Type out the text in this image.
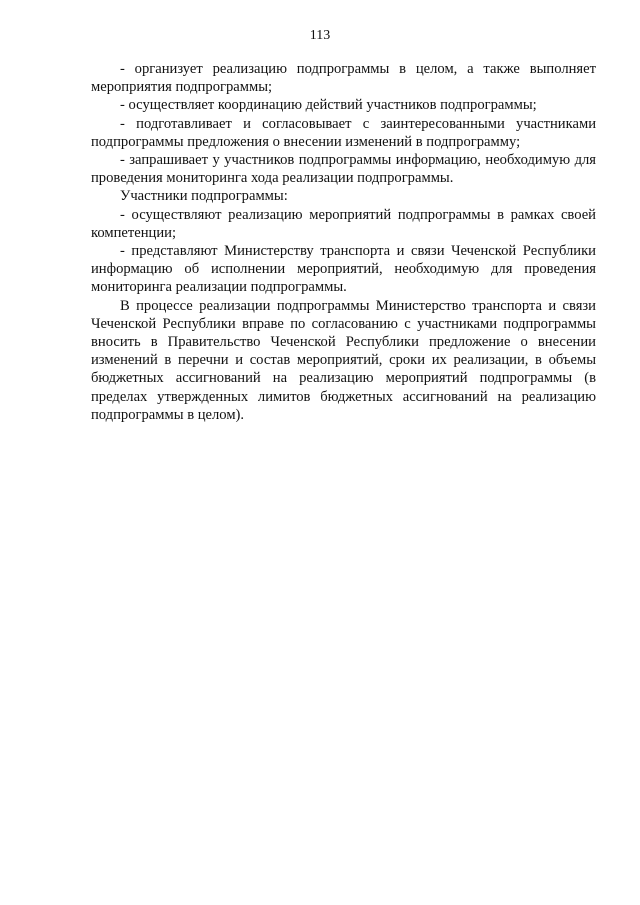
113

- организует реализацию подпрограммы в целом, а также выполняет мероприятия подпрограммы;

- осуществляет координацию действий участников подпрограммы;

- подготавливает и согласовывает с заинтересованными участниками подпрограммы предложения о внесении изменений в подпрограмму;

- запрашивает у участников подпрограммы информацию, необходимую для проведения мониторинга хода реализации подпрограммы.

Участники подпрограммы:

- осуществляют реализацию мероприятий подпрограммы в рамках своей компетенции;

- представляют Министерству транспорта и связи Чеченской Республики информацию об исполнении мероприятий, необходимую для проведения мониторинга реализации подпрограммы.

В процессе реализации подпрограммы Министерство транспорта и связи Чеченской Республики вправе по согласованию с участниками подпрограммы вносить в Правительство Чеченской Республики предложение о внесении изменений в перечни и состав мероприятий, сроки их реализации, в объемы бюджетных ассигнований на реализацию мероприятий подпрограммы (в пределах утвержденных лимитов бюджетных ассигнований на реализацию подпрограммы в целом).
